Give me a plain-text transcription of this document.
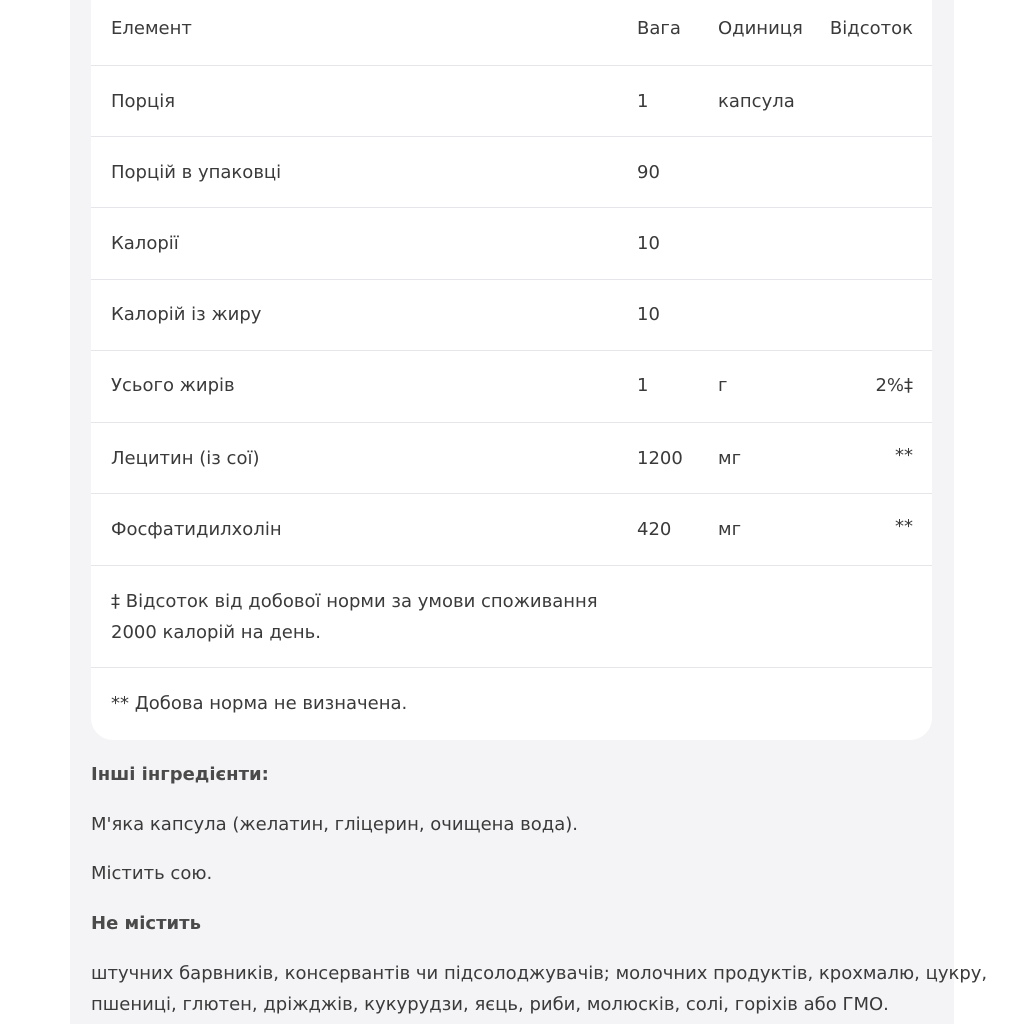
Елемент	Вага Одиниця Відсоток
Порція	1	капсула
Порцій в упаковці	90
Калорії	10
Калорій із жиру	10
Усього жирів	1	г	2%‡
Лецитин (із сої)	1200 мг	**
Фосфатидилхолін	420	мг	**
‡ Відсоток від добової норми за умови споживання
2000 калорій на день.
** Добова норма не визначена.
Інші інгредієнти:
М'яка капсула (желатин, гліцерин, очищена вода).
Містить сою.
Не містить
штучних барвників, консервантів чи підсолоджувачів; молочних продуктів, крохмалю, цукру,
пшениці, глютен, дріжджів, кукурудзи, яєць, риби, молюсків, солі, горіхів або ГМО.
